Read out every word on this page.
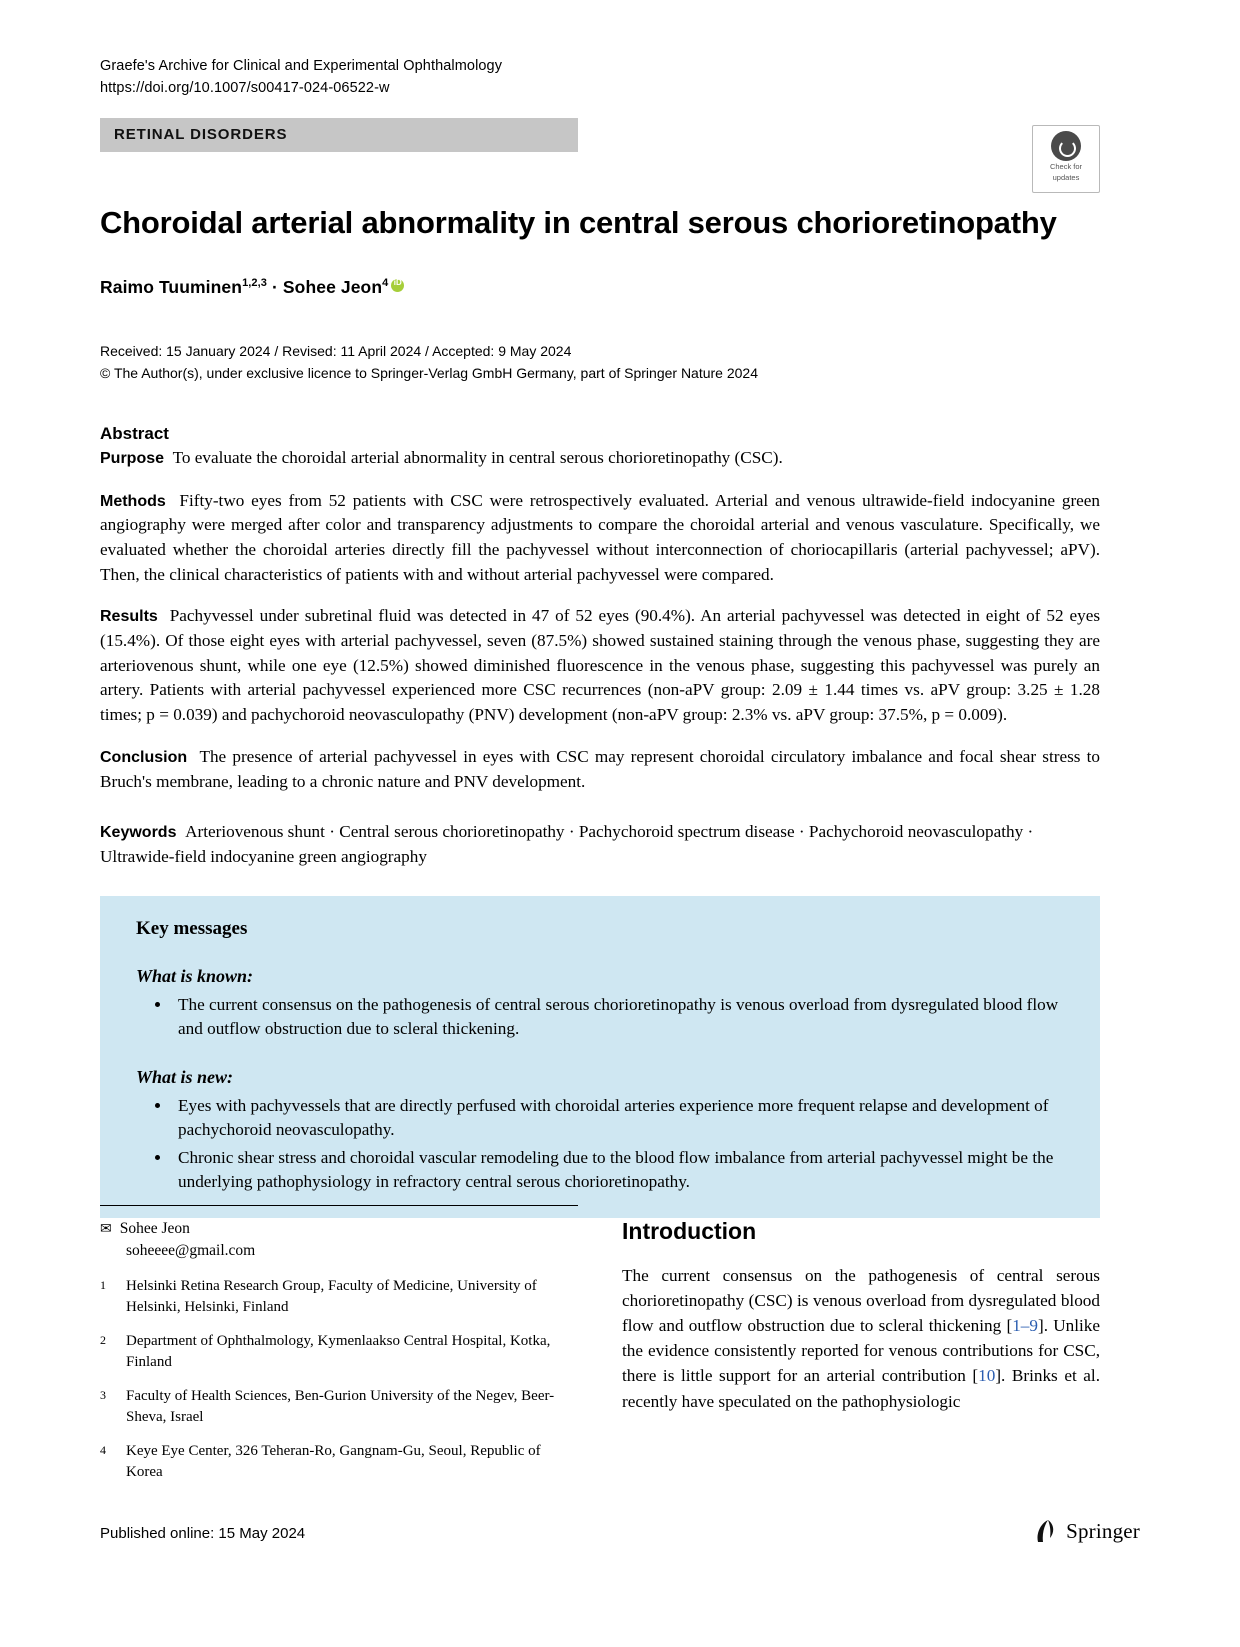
Graefe's Archive for Clinical and Experimental Ophthalmology
https://doi.org/10.1007/s00417-024-06522-w
RETINAL DISORDERS
Check for
updates
Choroidal arterial abnormality in central serous chorioretinopathy
Raimo Tuuminen$^{1,2,3}$ · Sohee Jeon$^4$iD
Received: 15 January 2024 / Revised: 11 April 2024 / Accepted: 9 May 2024
© The Author(s), under exclusive licence to Springer-Verlag GmbH Germany, part of Springer Nature 2024
Abstract

Purpose To evaluate the choroidal arterial abnormality in central serous chorioretinopathy (CSC).

Methods Fifty-two eyes from 52 patients with CSC were retrospectively evaluated. Arterial and venous ultrawide-field indocyanine green angiography were merged after color and transparency adjustments to compare the choroidal arterial and venous vasculature. Specifically, we evaluated whether the choroidal arteries directly fill the pachyvessel without interconnection of choriocapillaris (arterial pachyvessel; aPV). Then, the clinical characteristics of patients with and without arterial pachyvessel were compared.

Results Pachyvessel under subretinal fluid was detected in 47 of 52 eyes (90.4%). An arterial pachyvessel was detected in eight of 52 eyes (15.4%). Of those eight eyes with arterial pachyvessel, seven (87.5%) showed sustained staining through the venous phase, suggesting they are arteriovenous shunt, while one eye (12.5%) showed diminished fluorescence in the venous phase, suggesting this pachyvessel was purely an artery. Patients with arterial pachyvessel experienced more CSC recurrences (non-aPV group: 2.09 ± 1.44 times vs. aPV group: 3.25 ± 1.28 times; p = 0.039) and pachychoroid neovasculopathy (PNV) development (non-aPV group: 2.3% vs. aPV group: 37.5%, p = 0.009).

Conclusion The presence of arterial pachyvessel in eyes with CSC may represent choroidal circulatory imbalance and focal shear stress to Bruch's membrane, leading to a chronic nature and PNV development.

Keywords Arteriovenous shunt · Central serous chorioretinopathy · Pachychoroid spectrum disease · Pachychoroid neovasculopathy · Ultrawide-field indocyanine green angiography

Key messages
What is known:
• The current consensus on the pathogenesis of central serous chorioretinopathy is venous overload from dysregulated blood flow and outflow obstruction due to scleral thickening.
What is new:
• Eyes with pachyvessels that are directly perfused with choroidal arteries experience more frequent relapse and development of pachychoroid neovasculopathy.
• Chronic shear stress and choroidal vascular remodeling due to the blood flow imbalance from arterial pachyvessel might be the underlying pathophysiology in refractory central serous chorioretinopathy.
✉ Sohee Jeon
soheeee@gmail.com
1	Helsinki Retina Research Group, Faculty of Medicine, University of Helsinki, Helsinki, Finland
2	Department of Ophthalmology, Kymenlaakso Central Hospital, Kotka, Finland
3	Faculty of Health Sciences, Ben-Gurion University of the Negev, Beer-Sheva, Israel
4	Keye Eye Center, 326 Teheran-Ro, Gangnam-Gu, Seoul, Republic of Korea
Introduction

The current consensus on the pathogenesis of central serous chorioretinopathy (CSC) is venous overload from dysregulated blood flow and outflow obstruction due to scleral thickening [1–9]. Unlike the evidence consistently reported for venous contributions for CSC, there is little support for an arterial contribution [10]. Brinks et al. recently have speculated on the pathophysiologic

Published online: 15 May 2024	Springer
